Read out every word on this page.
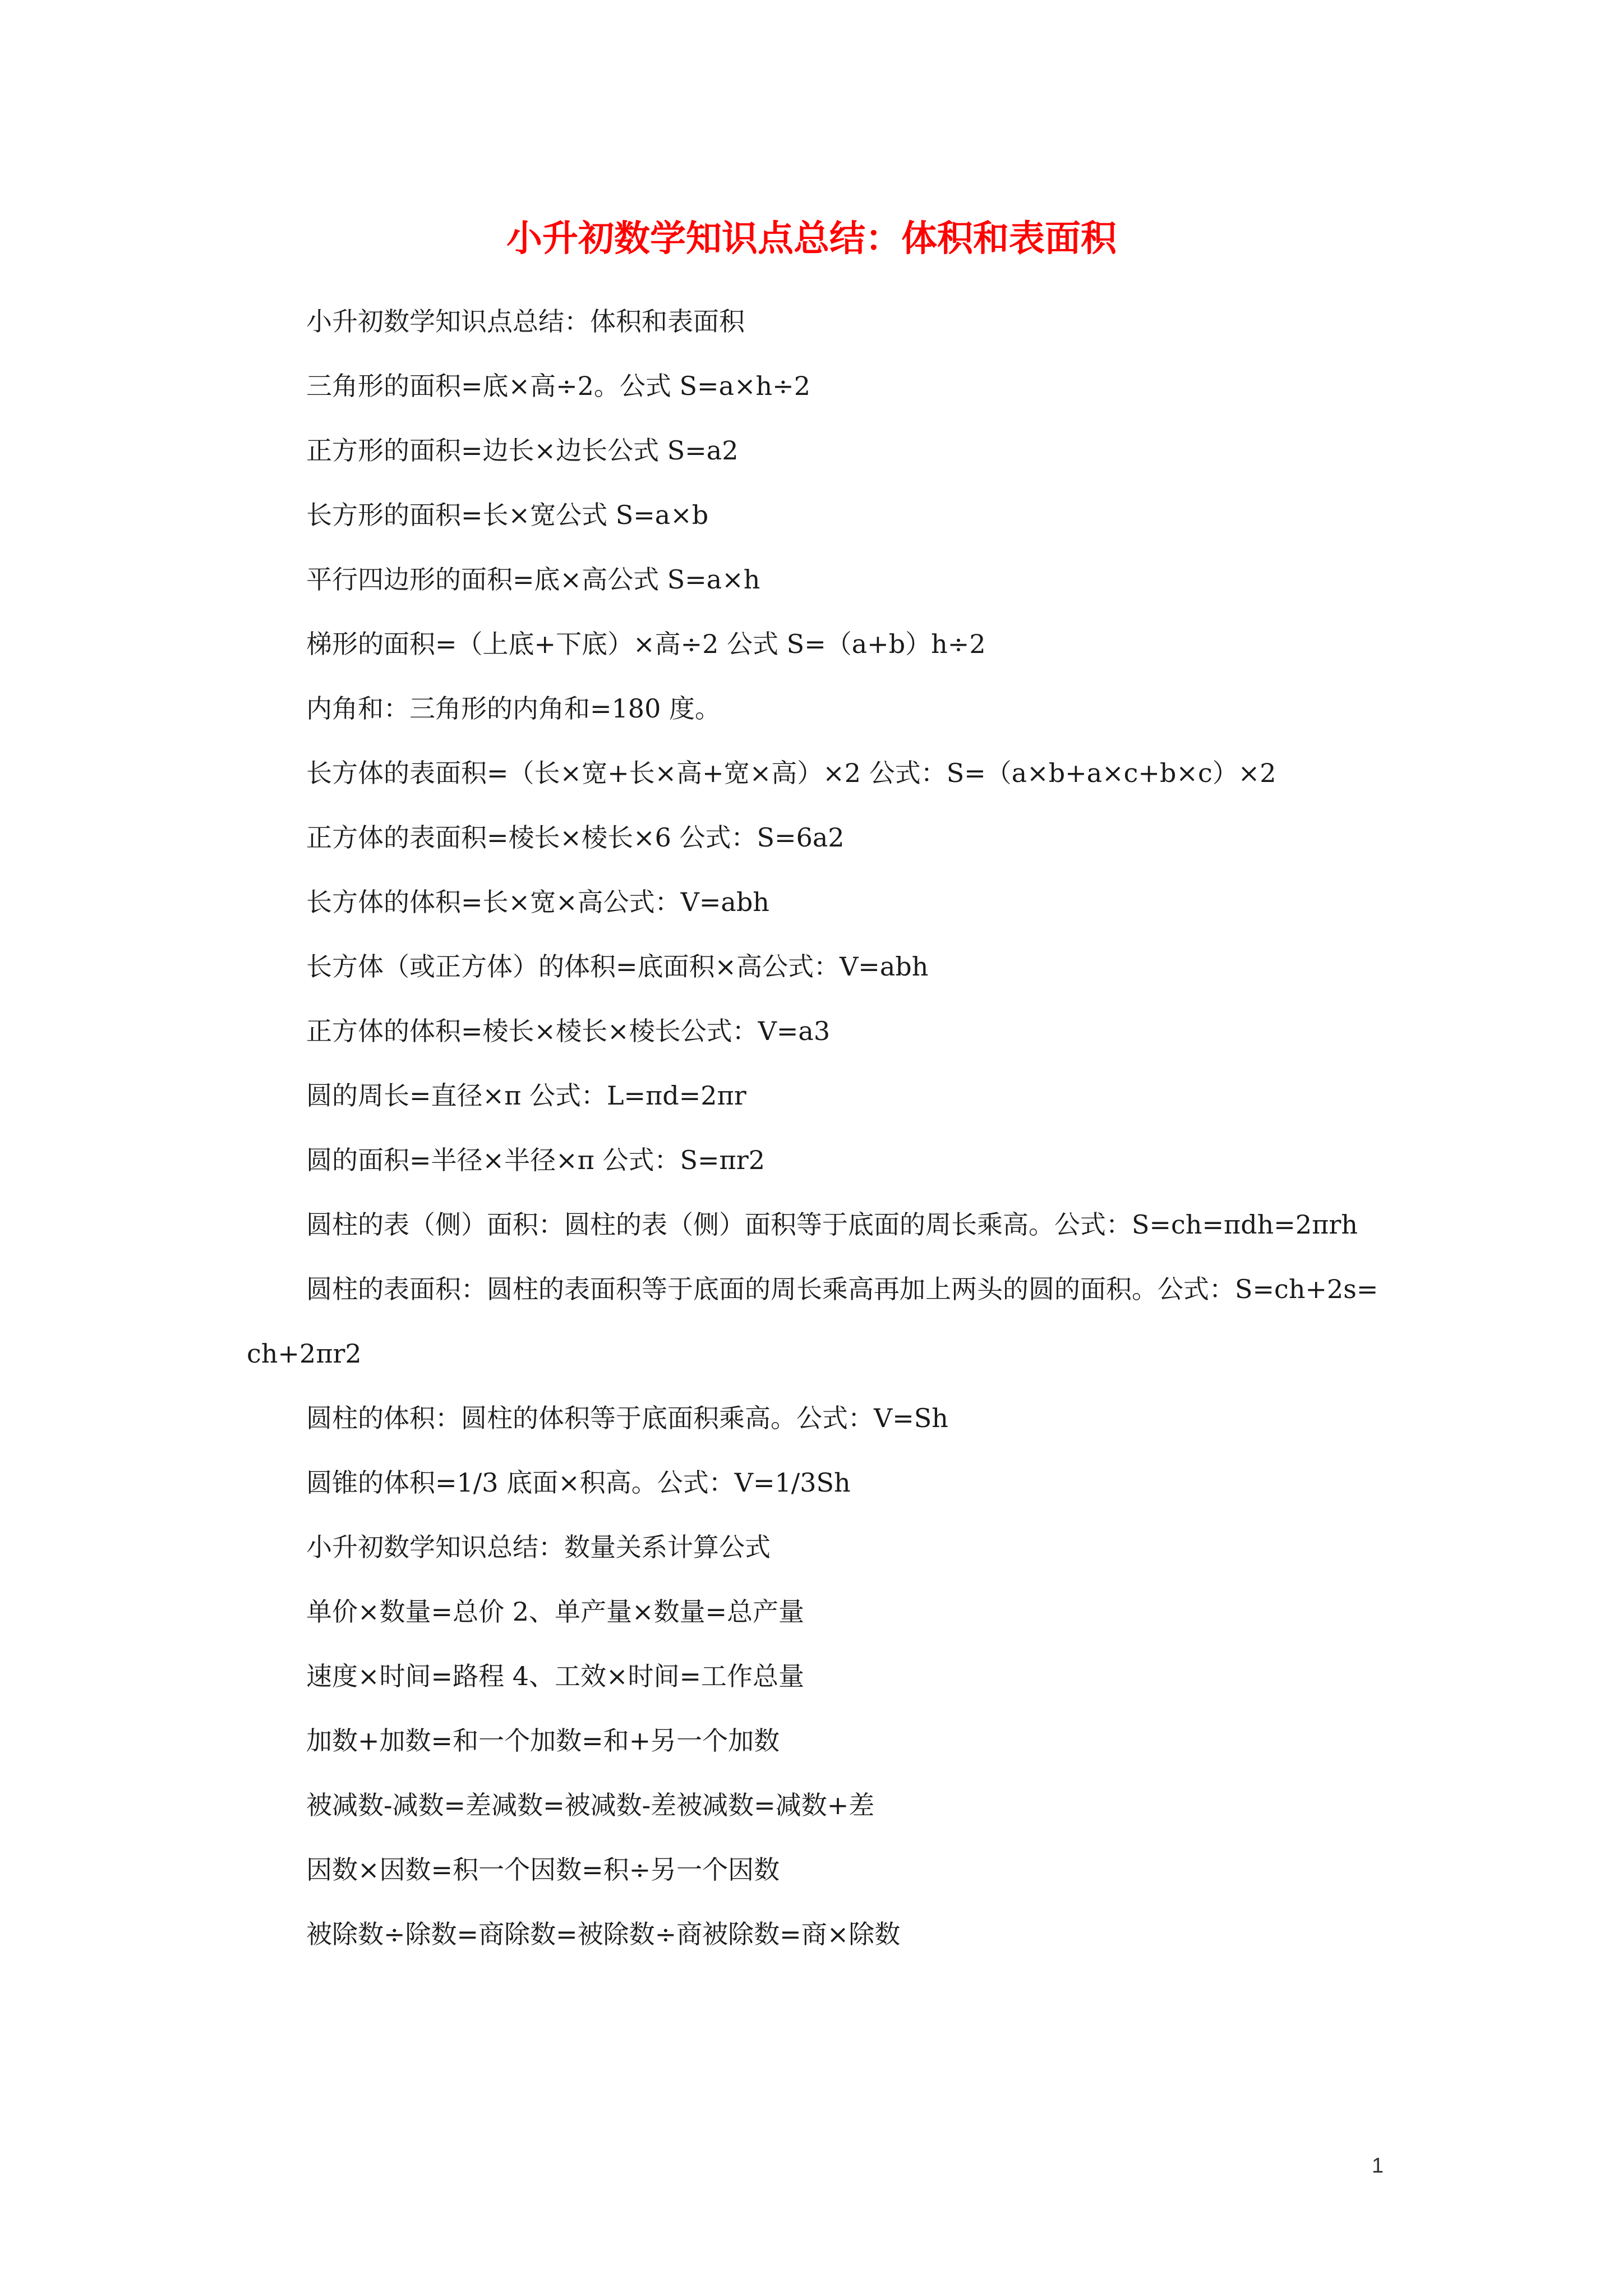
小升初数学知识点总结：体积和表面积

小升初数学知识点总结：体积和表面积

三角形的面积=底×高÷2。公式 S=a×h÷2

正方形的面积=边长×边长公式 S=a2

长方形的面积=长×宽公式 S=a×b

平行四边形的面积=底×高公式 S=a×h

梯形的面积=（上底+下底）×高÷2 公式 S=（a+b）h÷2

内角和：三角形的内角和=180 度。

长方体的表面积=（长×宽+长×高+宽×高）×2 公式：S=（a×b+a×c+b×c）×2

正方体的表面积=棱长×棱长×6 公式：S=6a2

长方体的体积=长×宽×高公式：V=abh

长方体（或正方体）的体积=底面积×高公式：V=abh

正方体的体积=棱长×棱长×棱长公式：V=a3

圆的周长=直径×π 公式：L=πd=2πr

圆的面积=半径×半径×π 公式：S=πr2

圆柱的表（侧）面积：圆柱的表（侧）面积等于底面的周长乘高。公式：S=ch=πdh=2πrh

圆柱的表面积：圆柱的表面积等于底面的周长乘高再加上两头的圆的面积。公式：S=ch+2s=ch+2πr2

圆柱的体积：圆柱的体积等于底面积乘高。公式：V=Sh

圆锥的体积=1/3 底面×积高。公式：V=1/3Sh

小升初数学知识总结：数量关系计算公式

单价×数量=总价 2、单产量×数量=总产量

速度×时间=路程 4、工效×时间=工作总量

加数+加数=和一个加数=和+另一个加数

被减数-减数=差减数=被减数-差被减数=减数+差

因数×因数=积一个因数=积÷另一个因数

被除数÷除数=商除数=被除数÷商被除数=商×除数

1
